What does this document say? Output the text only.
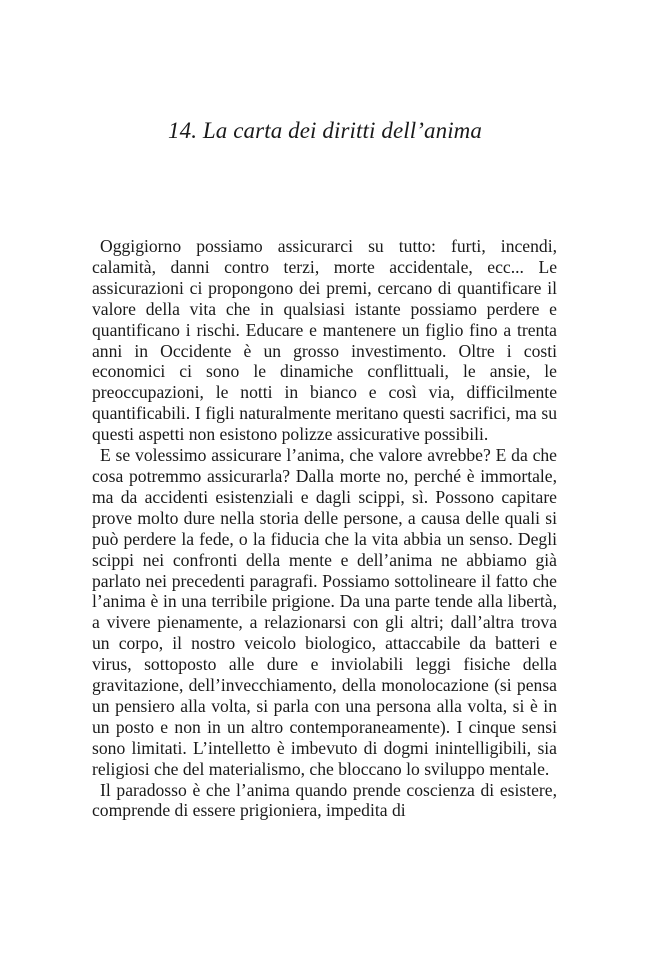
14. La carta dei diritti dell’anima

Oggigiorno possiamo assicurarci su tutto: furti, incendi, calamità, danni contro terzi, morte accidentale, ecc... Le assicurazioni ci propongono dei premi, cercano di quantificare il valore della vita che in qualsiasi istante possiamo perdere e quantificano i rischi. Educare e mantenere un figlio fino a trenta anni in Occidente è un grosso investimento. Oltre i costi economici ci sono le dinamiche conflittuali, le ansie, le preoccupazioni, le notti in bianco e così via, difficilmente quantificabili. I figli naturalmente meritano questi sacrifici, ma su questi aspetti non esistono polizze assicurative possibili.

E se volessimo assicurare l’anima, che valore avrebbe? E da che cosa potremmo assicurarla? Dalla morte no, perché è immortale, ma da accidenti esistenziali e dagli scippi, sì. Possono capitare prove molto dure nella storia delle persone, a causa delle quali si può perdere la fede, o la fiducia che la vita abbia un senso. Degli scippi nei confronti della mente e dell’anima ne abbiamo già parlato nei precedenti paragrafi. Possiamo sottolineare il fatto che l’anima è in una terribile prigione. Da una parte tende alla libertà, a vivere pienamente, a relazionarsi con gli altri; dall’altra trova un corpo, il nostro veicolo biologico, attaccabile da batteri e virus, sottoposto alle dure e inviolabili leggi fisiche della gravitazione, dell’invecchiamento, della monolocazione (si pensa un pensiero alla volta, si parla con una persona alla volta, si è in un posto e non in un altro contemporaneamente). I cinque sensi sono limitati. L’intelletto è imbevuto di dogmi inintelligibili, sia religiosi che del materialismo, che bloccano lo sviluppo mentale.

Il paradosso è che l’anima quando prende coscienza di esistere, comprende di essere prigioniera, impedita di
